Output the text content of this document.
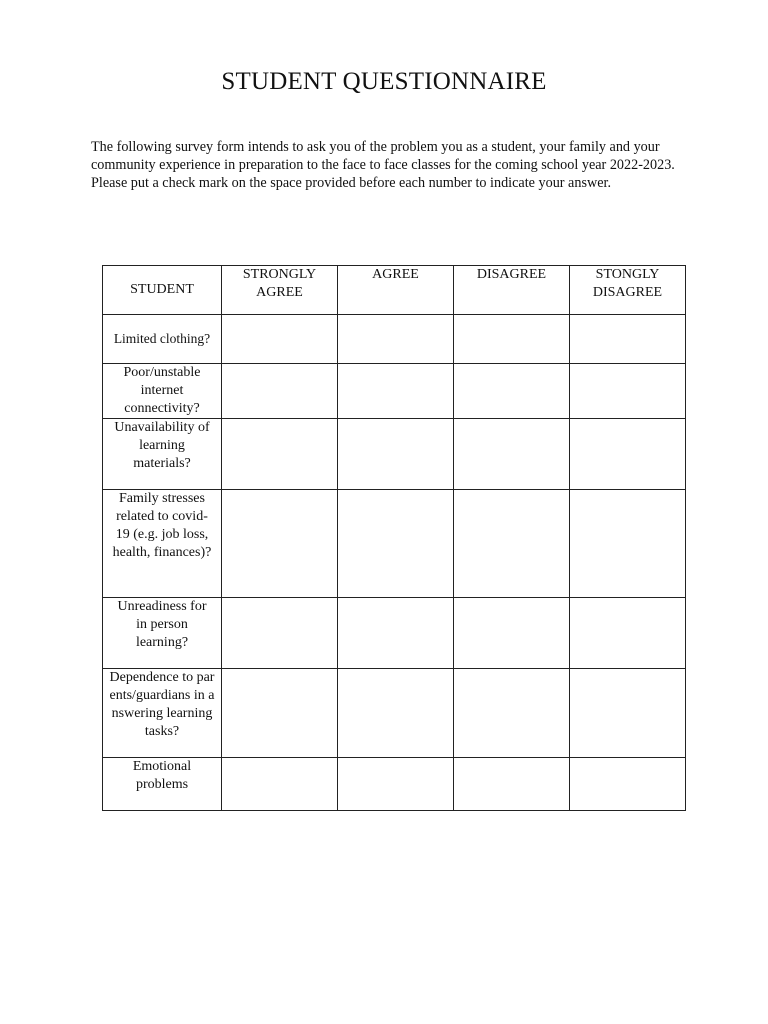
STUDENT QUESTIONNAIRE

The following survey form intends to ask you of the problem you as a student, your family and your community experience in preparation to the face to face classes for the coming school year 2022-2023. Please put a check mark on the space provided before each number to indicate your answer.

STUDENT	STRONGLY AGREE	AGREE	DISAGREE	STONGLY DISAGREE
Limited clothing?				
Poor/unstable internet connectivity?				
Unavailability of learning materials?				
Family stresses related to covid-19 (e.g. job loss, health, finances)?				
Unreadiness for in person learning?				
Dependence to parents/guardians in answering learning tasks?				
Emotional problems				
